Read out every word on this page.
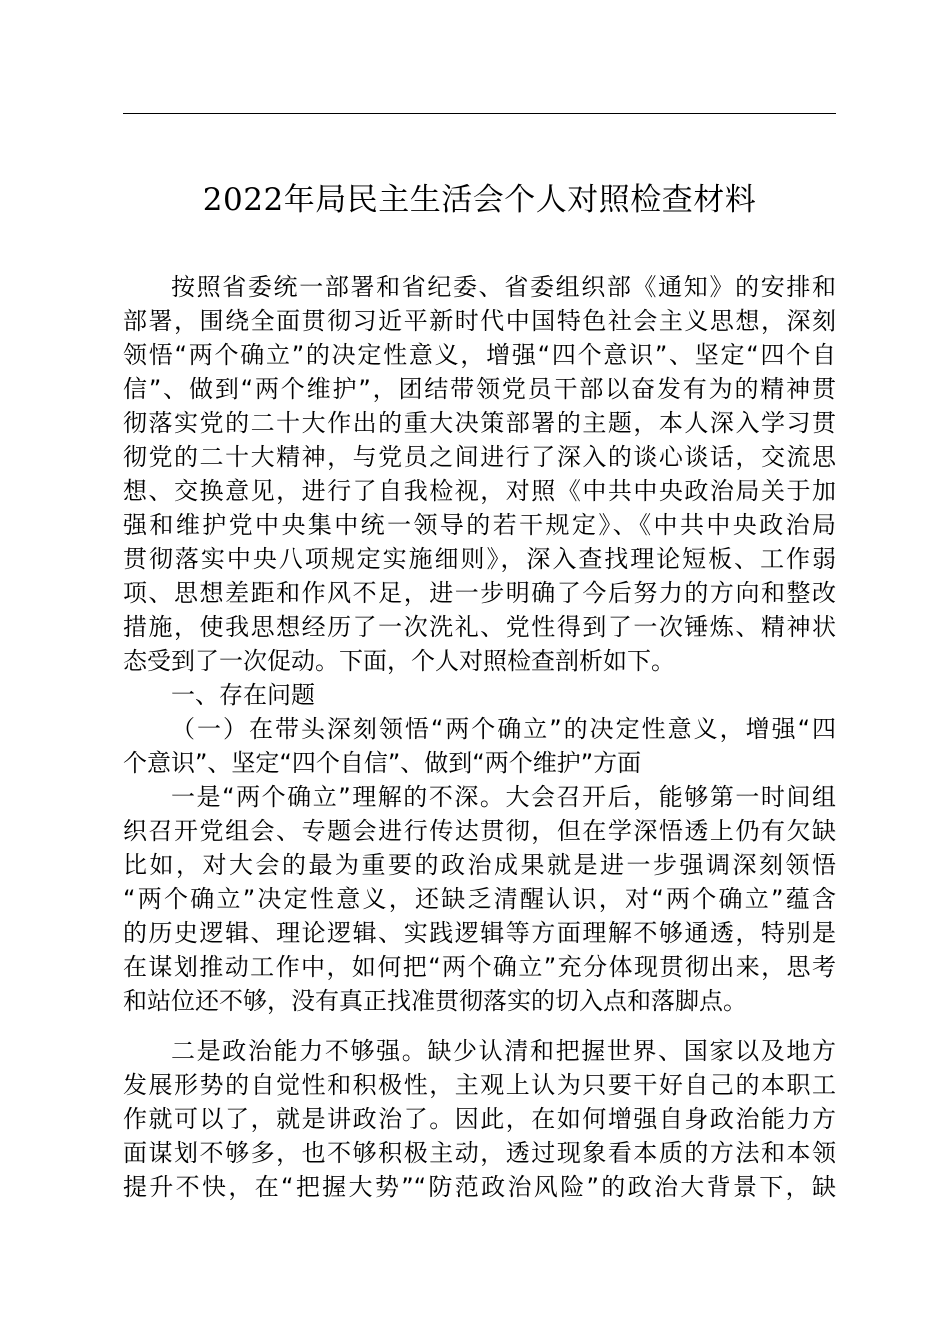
2022年局民主生活会个人对照检查材料
按照省委统一部署和省纪委、省委组织部《通知》的安排和
部署，围绕全面贯彻习近平新时代中国特色社会主义思想，深刻
领悟“两个确立”的决定性意义，增强“四个意识”、坚定“四个自
信”、做到“两个维护”，团结带领党员干部以奋发有为的精神贯
彻落实党的二十大作出的重大决策部署的主题，本人深入学习贯
彻党的二十大精神，与党员之间进行了深入的谈心谈话，交流思
想、交换意见，进行了自我检视，对照《中共中央政治局关于加
强和维护党中央集中统一领导的若干规定》、《中共中央政治局
贯彻落实中央八项规定实施细则》，深入查找理论短板、工作弱
项、思想差距和作风不足，进一步明确了今后努力的方向和整改
措施，使我思想经历了一次洗礼、党性得到了一次锤炼、精神状
态受到了一次促动。下面，个人对照检查剖析如下。
一、存在问题
（一）在带头深刻领悟“两个确立”的决定性意义，增强“四
个意识”、坚定“四个自信”、做到“两个维护”方面
一是“两个确立”理解的不深。大会召开后，能够第一时间组
织召开党组会、专题会进行传达贯彻，但在学深悟透上仍有欠缺
比如，对大会的最为重要的政治成果就是进一步强调深刻领悟
“两个确立”决定性意义，还缺乏清醒认识，对“两个确立”蕴含
的历史逻辑、理论逻辑、实践逻辑等方面理解不够通透，特别是
在谋划推动工作中，如何把“两个确立”充分体现贯彻出来，思考
和站位还不够，没有真正找准贯彻落实的切入点和落脚点。
二是政治能力不够强。缺少认清和把握世界、国家以及地方
发展形势的自觉性和积极性，主观上认为只要干好自己的本职工
作就可以了，就是讲政治了。因此，在如何增强自身政治能力方
面谋划不够多，也不够积极主动，透过现象看本质的方法和本领
提升不快，在“把握大势”“防范政治风险”的政治大背景下，缺
